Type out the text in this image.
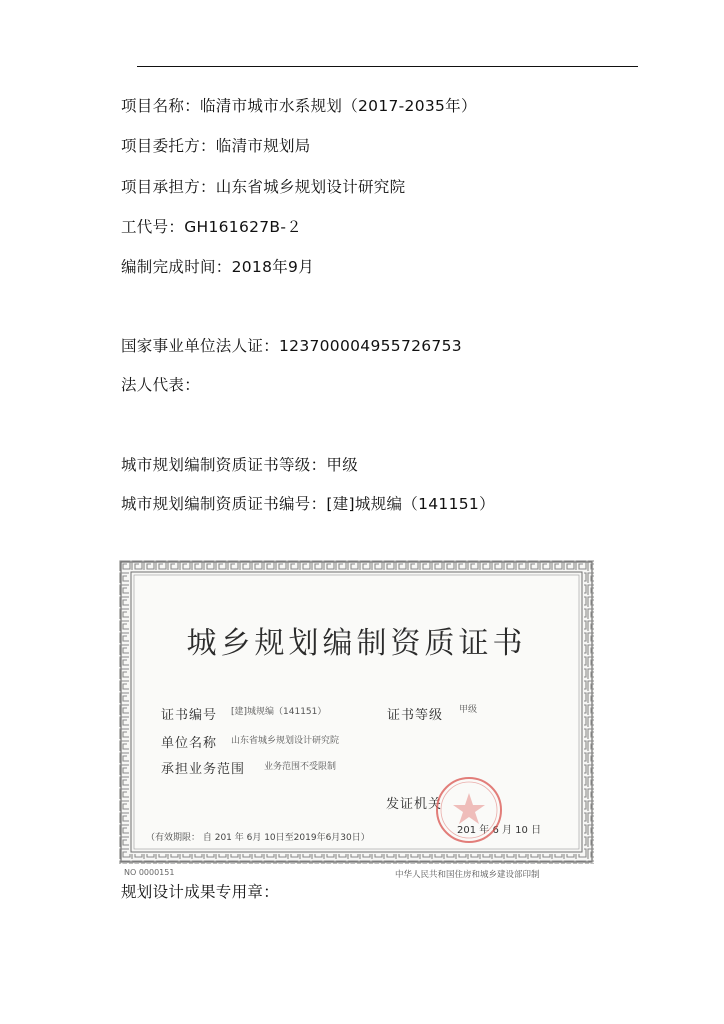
项目名称：临清市城市水系规划（2017-2035年）
项目委托方：临清市规划局
项目承担方：山东省城乡规划设计研究院
工代号：GH161627B-２
编制完成时间：2018年9月
国家事业单位法人证：12370000495572675​3
法人代表：
城市规划编制资质证书等级：甲级
城市规划编制资质证书编号：[建]城规编（141151）
城乡规划编制资质证书
证书编号 [建]城规编（141151）	证书等级 甲级
单位名称 山东省城乡规划设计研究院
承担业务范围 业务范围不受限制
发证机关
（有效期限： 自 201 年 6月 10日至2019年6月30日）
201 年 6 月 10 日
NO 0000151	中华人民共和国住房和城乡建设部印制
规划设计成果专用章：
